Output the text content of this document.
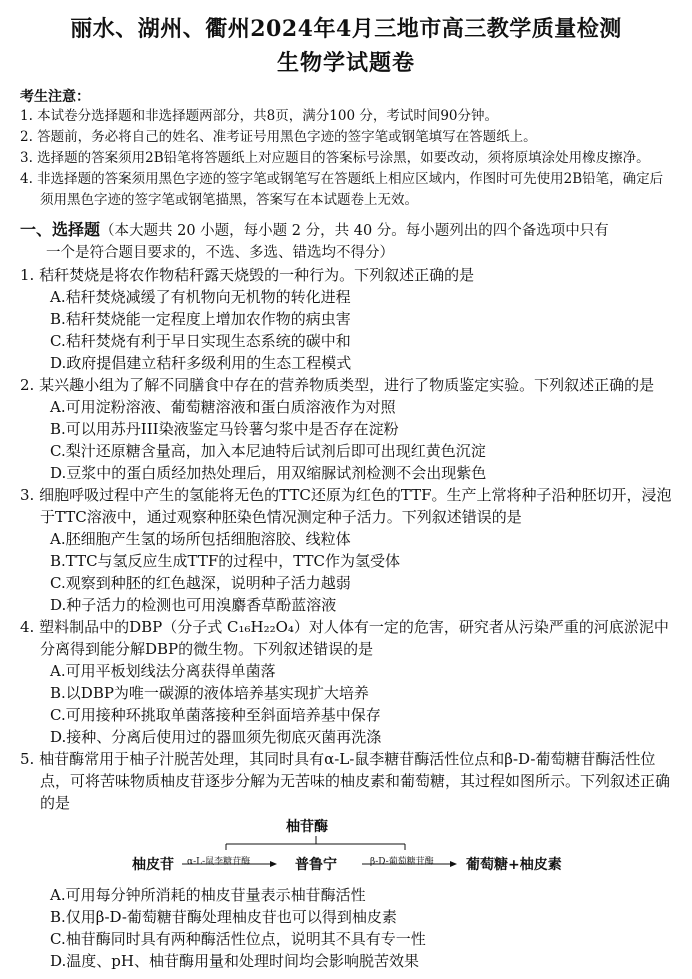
丽水、湖州、衢州2024年4月三地市高三教学质量检测
生物学试题卷
考生注意：
1. 本试卷分选择题和非选择题两部分，共8页，满分100 分，考试时间90分钟。
2. 答题前，务必将自己的姓名、准考证号用黑色字迹的签字笔或钢笔填写在答题纸上。
3. 选择题的答案须用2B铅笔将答题纸上对应题目的答案标号涂黑，如要改动，须将原填涂处用橡皮擦净。
4. 非选择题的答案须用黑色字迹的签字笔或钢笔写在答题纸上相应区域内，作图时可先使用2B铅笔，确定后须用黑色字迹的签字笔或钢笔描黑，答案写在本试题卷上无效。
一、选择题（本大题共 20 小题，每小题 2 分，共 40 分。每小题列出的四个备选项中只有
一个是符合题目要求的，不选、多选、错选均不得分）
1. 秸秆焚烧是将农作物秸秆露天烧毁的一种行为。下列叙述正确的是
A.秸秆焚烧减缓了有机物向无机物的转化进程
B.秸秆焚烧能一定程度上增加农作物的病虫害
C.秸秆焚烧有利于早日实现生态系统的碳中和
D.政府提倡建立秸秆多级利用的生态工程模式
2. 某兴趣小组为了解不同膳食中存在的营养物质类型，进行了物质鉴定实验。下列叙述正确的是
A.可用淀粉溶液、葡萄糖溶液和蛋白质溶液作为对照
B.可以用苏丹III染液鉴定马铃薯匀浆中是否存在淀粉
C.梨汁还原糖含量高，加入本尼迪特后试剂后即可出现红黄色沉淀
D.豆浆中的蛋白质经加热处理后，用双缩脲试剂检测不会出现紫色
3. 细胞呼吸过程中产生的氢能将无色的TTC还原为红色的TTF。生产上常将种子沿种胚切开，浸泡于TTC溶液中，通过观察种胚染色情况测定种子活力。下列叙述错误的是
A.胚细胞产生氢的场所包括细胞溶胶、线粒体
B.TTC与氢反应生成TTF的过程中，TTC作为氢受体
C.观察到种胚的红色越深，说明种子活力越弱
D.种子活力的检测也可用溴麝香草酚蓝溶液
4. 塑料制品中的DBP（分子式 C₁₆H₂₂O₄）对人体有一定的危害，研究者从污染严重的河底淤泥中分离得到能分解DBP的微生物。下列叙述错误的是
A.可用平板划线法分离获得单菌落
B.以DBP为唯一碳源的液体培养基实现扩大培养
C.可用接种环挑取单菌落接种至斜面培养基中保存
D.接种、分离后使用过的器皿须先彻底灭菌再洗涤
5. 柚苷酶常用于柚子汁脱苦处理，其同时具有α-L-鼠李糖苷酶活性位点和β-D-葡萄糖苷酶活性位点，可将苦味物质柚皮苷逐步分解为无苦味的柚皮素和葡萄糖，其过程如图所示。下列叙述正确的是
柚苷酶
柚皮苷 α-L-鼠李糖苷酶	普鲁宁	β-D-葡萄糖苷酶 葡萄糖+柚皮素
A.可用每分钟所消耗的柚皮苷量表示柚苷酶活性
B.仅用β-D-葡萄糖苷酶处理柚皮苷也可以得到柚皮素
C.柚苷酶同时具有两种酶活性位点，说明其不具有专一性
D.温度、pH、柚苷酶用量和处理时间均会影响脱苦效果
